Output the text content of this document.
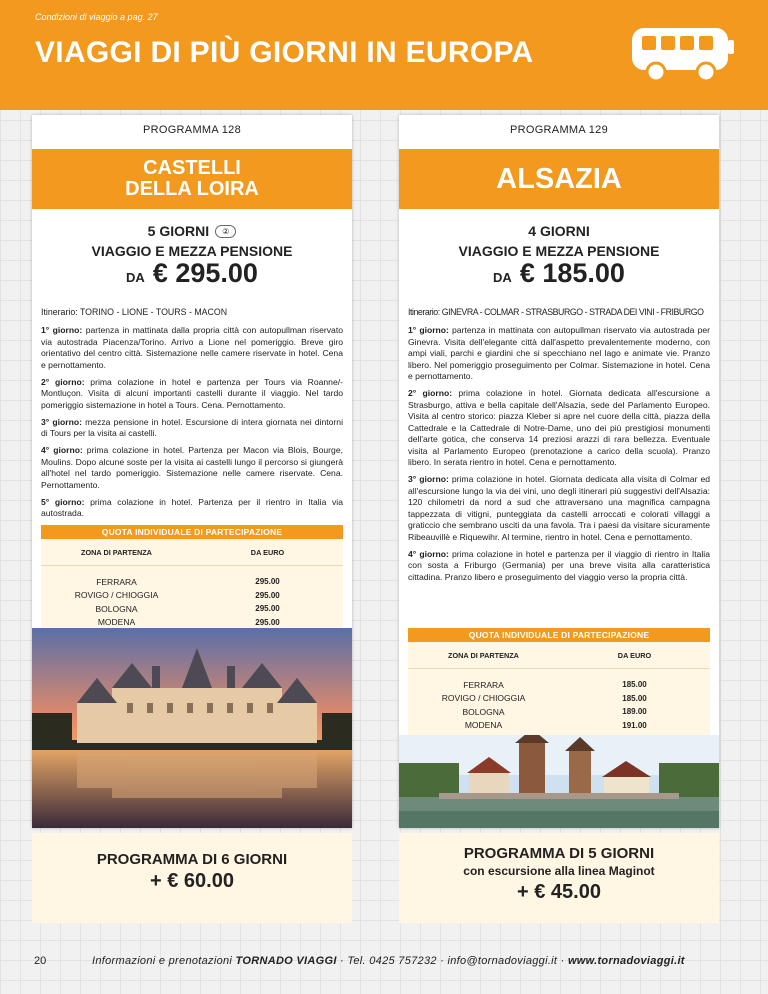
Condizioni di viaggio a pag. 27
VIAGGI DI PIÙ GIORNI IN EUROPA
PROGRAMMA 128
CASTELLI
DELLA LOIRA
5 GIORNI ②
VIAGGIO E MEZZA PENSIONE
DA € 295.00
Itinerario: TORINO - LIONE - TOURS - MACON

1° giorno: partenza in mattinata dalla propria città con autopullman riservato via autostrada Piacenza/Torino. Arrivo a Lione nel pomeriggio. Breve giro orientativo del centro città. Sistemazione nelle camere riservate in hotel. Cena e pernottamento.

2° giorno: prima colazione in hotel e partenza per Tours via Roanne/-Montluçon. Visita di alcuni importanti castelli durante il viaggio. Nel tardo pomeriggio sistemazione in hotel a Tours. Cena. Pernottamento.

3° giorno: mezza pensione in hotel. Escursione di intera giornata nei dintorni di Tours per la visita ai castelli.

4° giorno: prima colazione in hotel. Partenza per Macon via Blois, Bourge, Moulins. Dopo alcune soste per la visita ai castelli lungo il percorso si giungerà all'hotel nel tardo pomeriggio. Sistemazione nelle camere riservate. Cena. Pernottamento.

5° giorno: prima colazione in hotel. Partenza per il rientro in Italia via autostrada.

QUOTA INDIVIDUALE DI PARTECIPAZIONE
ZONA DI PARTENZA	DA EURO
FERRARA	295.00
ROVIGO / CHIOGGIA	295.00
BOLOGNA	295.00
MODENA	295.00
PROGRAMMA 129
ALSAZIA
4 GIORNI
VIAGGIO E MEZZA PENSIONE
DA € 185.00
Itinerario: GINEVRA - COLMAR - STRASBURGO - STRADA DEI VINI - FRIBURGO

1° giorno: partenza in mattinata con autopullman riservato via autostrada per Ginevra. Visita dell'elegante città dall'aspetto prevalentemente moderno, con ampi viali, parchi e giardini che si specchiano nel lago e animate vie. Pranzo libero. Nel pomeriggio proseguimento per Colmar. Sistemazione in hotel. Cena e pernottamento.

2° giorno: prima colazione in hotel. Giornata dedicata all'escursione a Strasburgo, attiva e bella capitale dell'Alsazia, sede del Parlamento Europeo. Visita al centro storico: piazza Kleber si apre nel cuore della città, piazza della Cattedrale e la Cattedrale di Notre-Dame, uno dei più prestigiosi monumenti dell'arte gotica, che conserva 14 preziosi arazzi di rara bellezza. Eventuale visita al Parlamento Europeo (prenotazione a carico della scuola). Pranzo libero. In serata rientro in hotel. Cena e pernottamento.

3° giorno: prima colazione in hotel. Giornata dedicata alla visita di Colmar ed all'escursione lungo la via dei vini, uno degli itinerari più suggestivi dell'Alsazia: 120 chilometri da nord a sud che attraversano una magnifica campagna tappezzata di vitigni, punteggiata da castelli arroccati e colorati villaggi a graticcio che sembrano usciti da una favola. Tra i paesi da visitare sicuramente Ribeauvillè e Riquewihr. Al termine, rientro in hotel. Cena e pernottamento.

4° giorno: prima colazione in hotel e partenza per il viaggio di rientro in Italia con sosta a Friburgo (Germania) per una breve visita alla caratteristica cittadina. Pranzo libero e proseguimento del viaggio verso la propria città.

QUOTA INDIVIDUALE DI PARTECIPAZIONE
ZONA DI PARTENZA	DA EURO
FERRARA	185.00
ROVIGO / CHIOGGIA	185.00
BOLOGNA	189.00
MODENA	191.00
PROGRAMMA DI 6 GIORNI
+ € 60.00
PROGRAMMA DI 5 GIORNI
con escursione alla linea Maginot
+ € 45.00
20	Informazioni e prenotazioni TORNADO VIAGGI · Tel. 0425 757232 · info@tornadoviaggi.it · www.tornadoviaggi.it
